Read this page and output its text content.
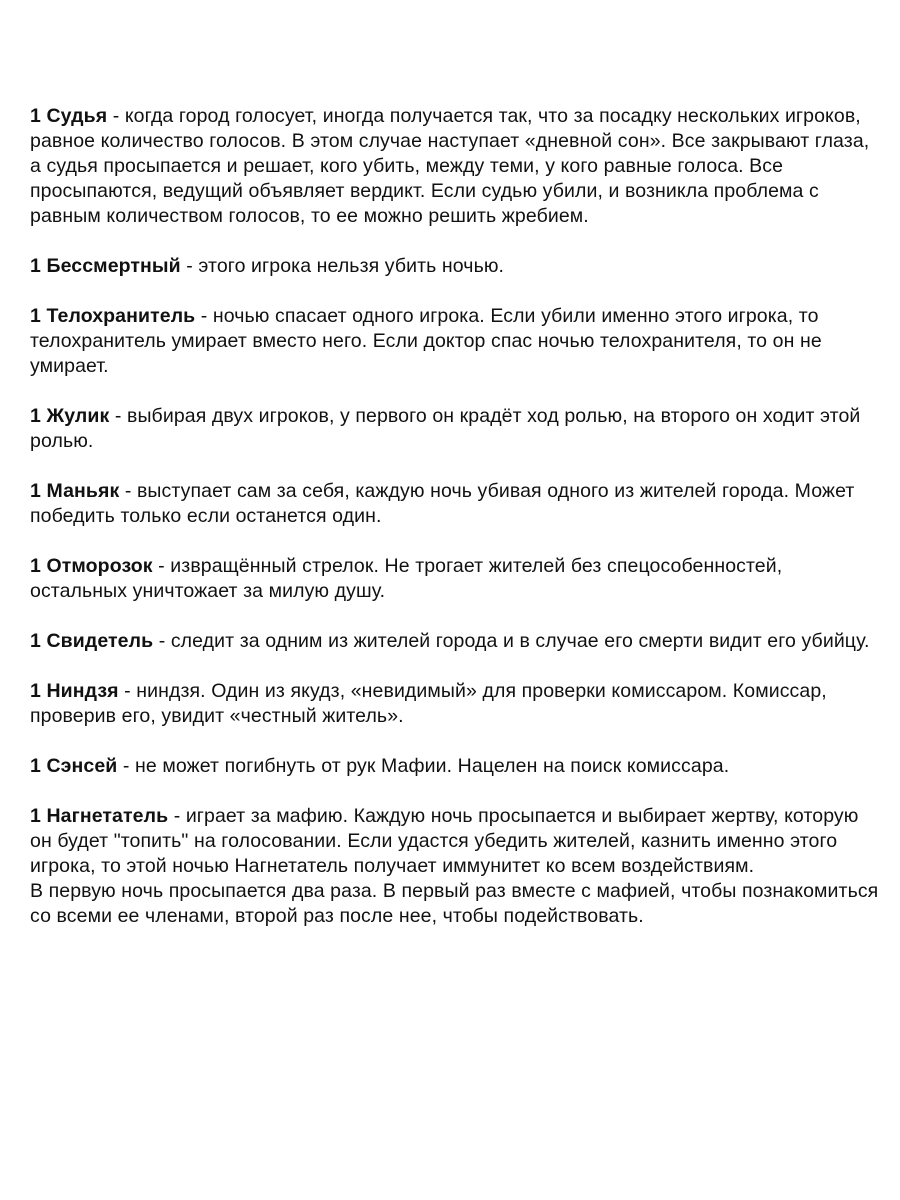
1 Судья - когда город голосует, иногда получается так, что за посадку нескольких игроков, равное количество голосов. В этом случае наступает «дневной сон». Все закрывают глаза, а судья просыпается и решает, кого убить, между теми, у кого равные голоса. Все просыпаются, ведущий объявляет вердикт. Если судью убили, и возникла проблема с равным количеством голосов, то ее можно решить жребием.

1 Бессмертный - этого игрока нельзя убить ночью.

1 Телохранитель - ночью спасает одного игрока. Если убили именно этого игрока, то телохранитель умирает вместо него. Если доктор спас ночью телохранителя, то он не умирает.

1 Жулик - выбирая двух игроков, у первого он крадёт ход ролью, на второго он ходит этой ролью.

1 Маньяк - выступает сам за себя, каждую ночь убивая одного из жителей города. Может победить только если останется один.

1 Отморозок - извращённый стрелок. Не трогает жителей без спецособенностей, остальных уничтожает за милую душу.

1 Свидетель - следит за одним из жителей города и в случае его смерти видит его убийцу.

1 Ниндзя - ниндзя. Один из якудз, «невидимый» для проверки комиссаром. Комиссар, проверив его, увидит «честный житель».

1 Сэнсей - не может погибнуть от рук Мафии. Нацелен на поиск комиссара.

1 Нагнетатель - играет за мафию. Каждую ночь просыпается и выбирает жертву, которую он будет "топить" на голосовании. Если удастся убедить жителей, казнить именно этого игрока, то этой ночью Нагнетатель получает иммунитет ко всем воздействиям.

В первую ночь просыпается два раза. В первый раз вместе с мафией, чтобы познакомиться со всеми ее членами, второй раз после нее, чтобы подействовать.
